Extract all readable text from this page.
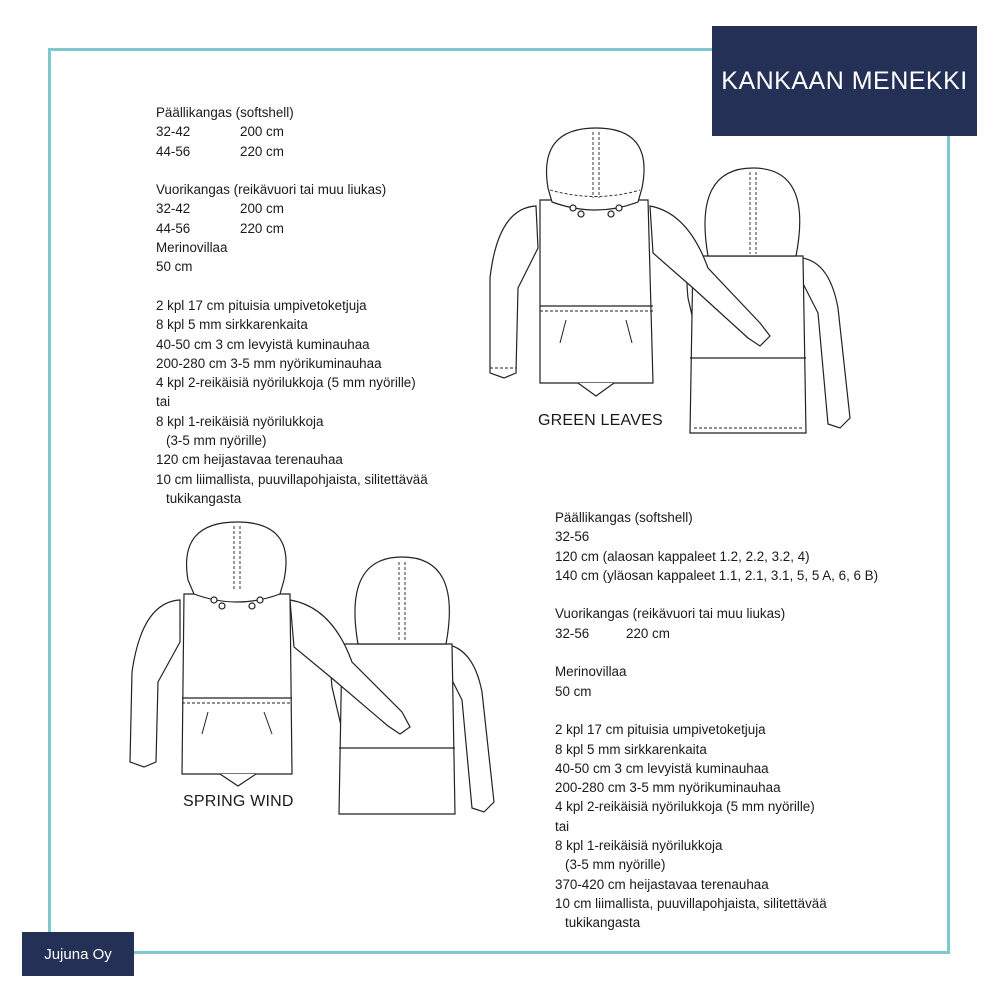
KANKAAN MENEKKI
Päällikangas (softshell)
32-42	200 cm
44-56	220 cm
Vuorikangas (reikävuori tai muu liukas)
32-42	200 cm
44-56	220 cm
Merinovillaa
50 cm
2 kpl 17 cm pituisia umpivetoketjuja
8 kpl 5 mm sirkkarenkaita
40-50 cm 3 cm levyistä kuminauhaa
200-280 cm 3-5 mm nyörikuminauhaa
4 kpl 2-reikäisiä nyörilukkoja (5 mm nyörille)
tai
8 kpl 1-reikäisiä nyörilukkoja
(3-5 mm nyörille)
120 cm heijastavaa terenauhaa
10 cm liimallista, puuvillapohjaista, silitettävää
tukikangasta
Päällikangas (softshell)
32-56
120 cm (alaosan kappaleet 1.2, 2.2, 3.2, 4)
140 cm (yläosan kappaleet 1.1, 2.1, 3.1, 5, 5 A, 6, 6 B)
Vuorikangas (reikävuori tai muu liukas)
32-56	220 cm
Merinovillaa
50 cm
2 kpl 17 cm pituisia umpivetoketjuja
8 kpl 5 mm sirkkarenkaita
40-50 cm 3 cm levyistä kuminauhaa
200-280 cm 3-5 mm nyörikuminauhaa
4 kpl 2-reikäisiä nyörilukkoja (5 mm nyörille)
tai
8 kpl 1-reikäisiä nyörilukkoja
(3-5 mm nyörille)
370-420 cm heijastavaa terenauhaa
10 cm liimallista, puuvillapohjaista, silitettävää
tukikangasta
GREEN LEAVES
SPRING WIND
Jujuna Oy
